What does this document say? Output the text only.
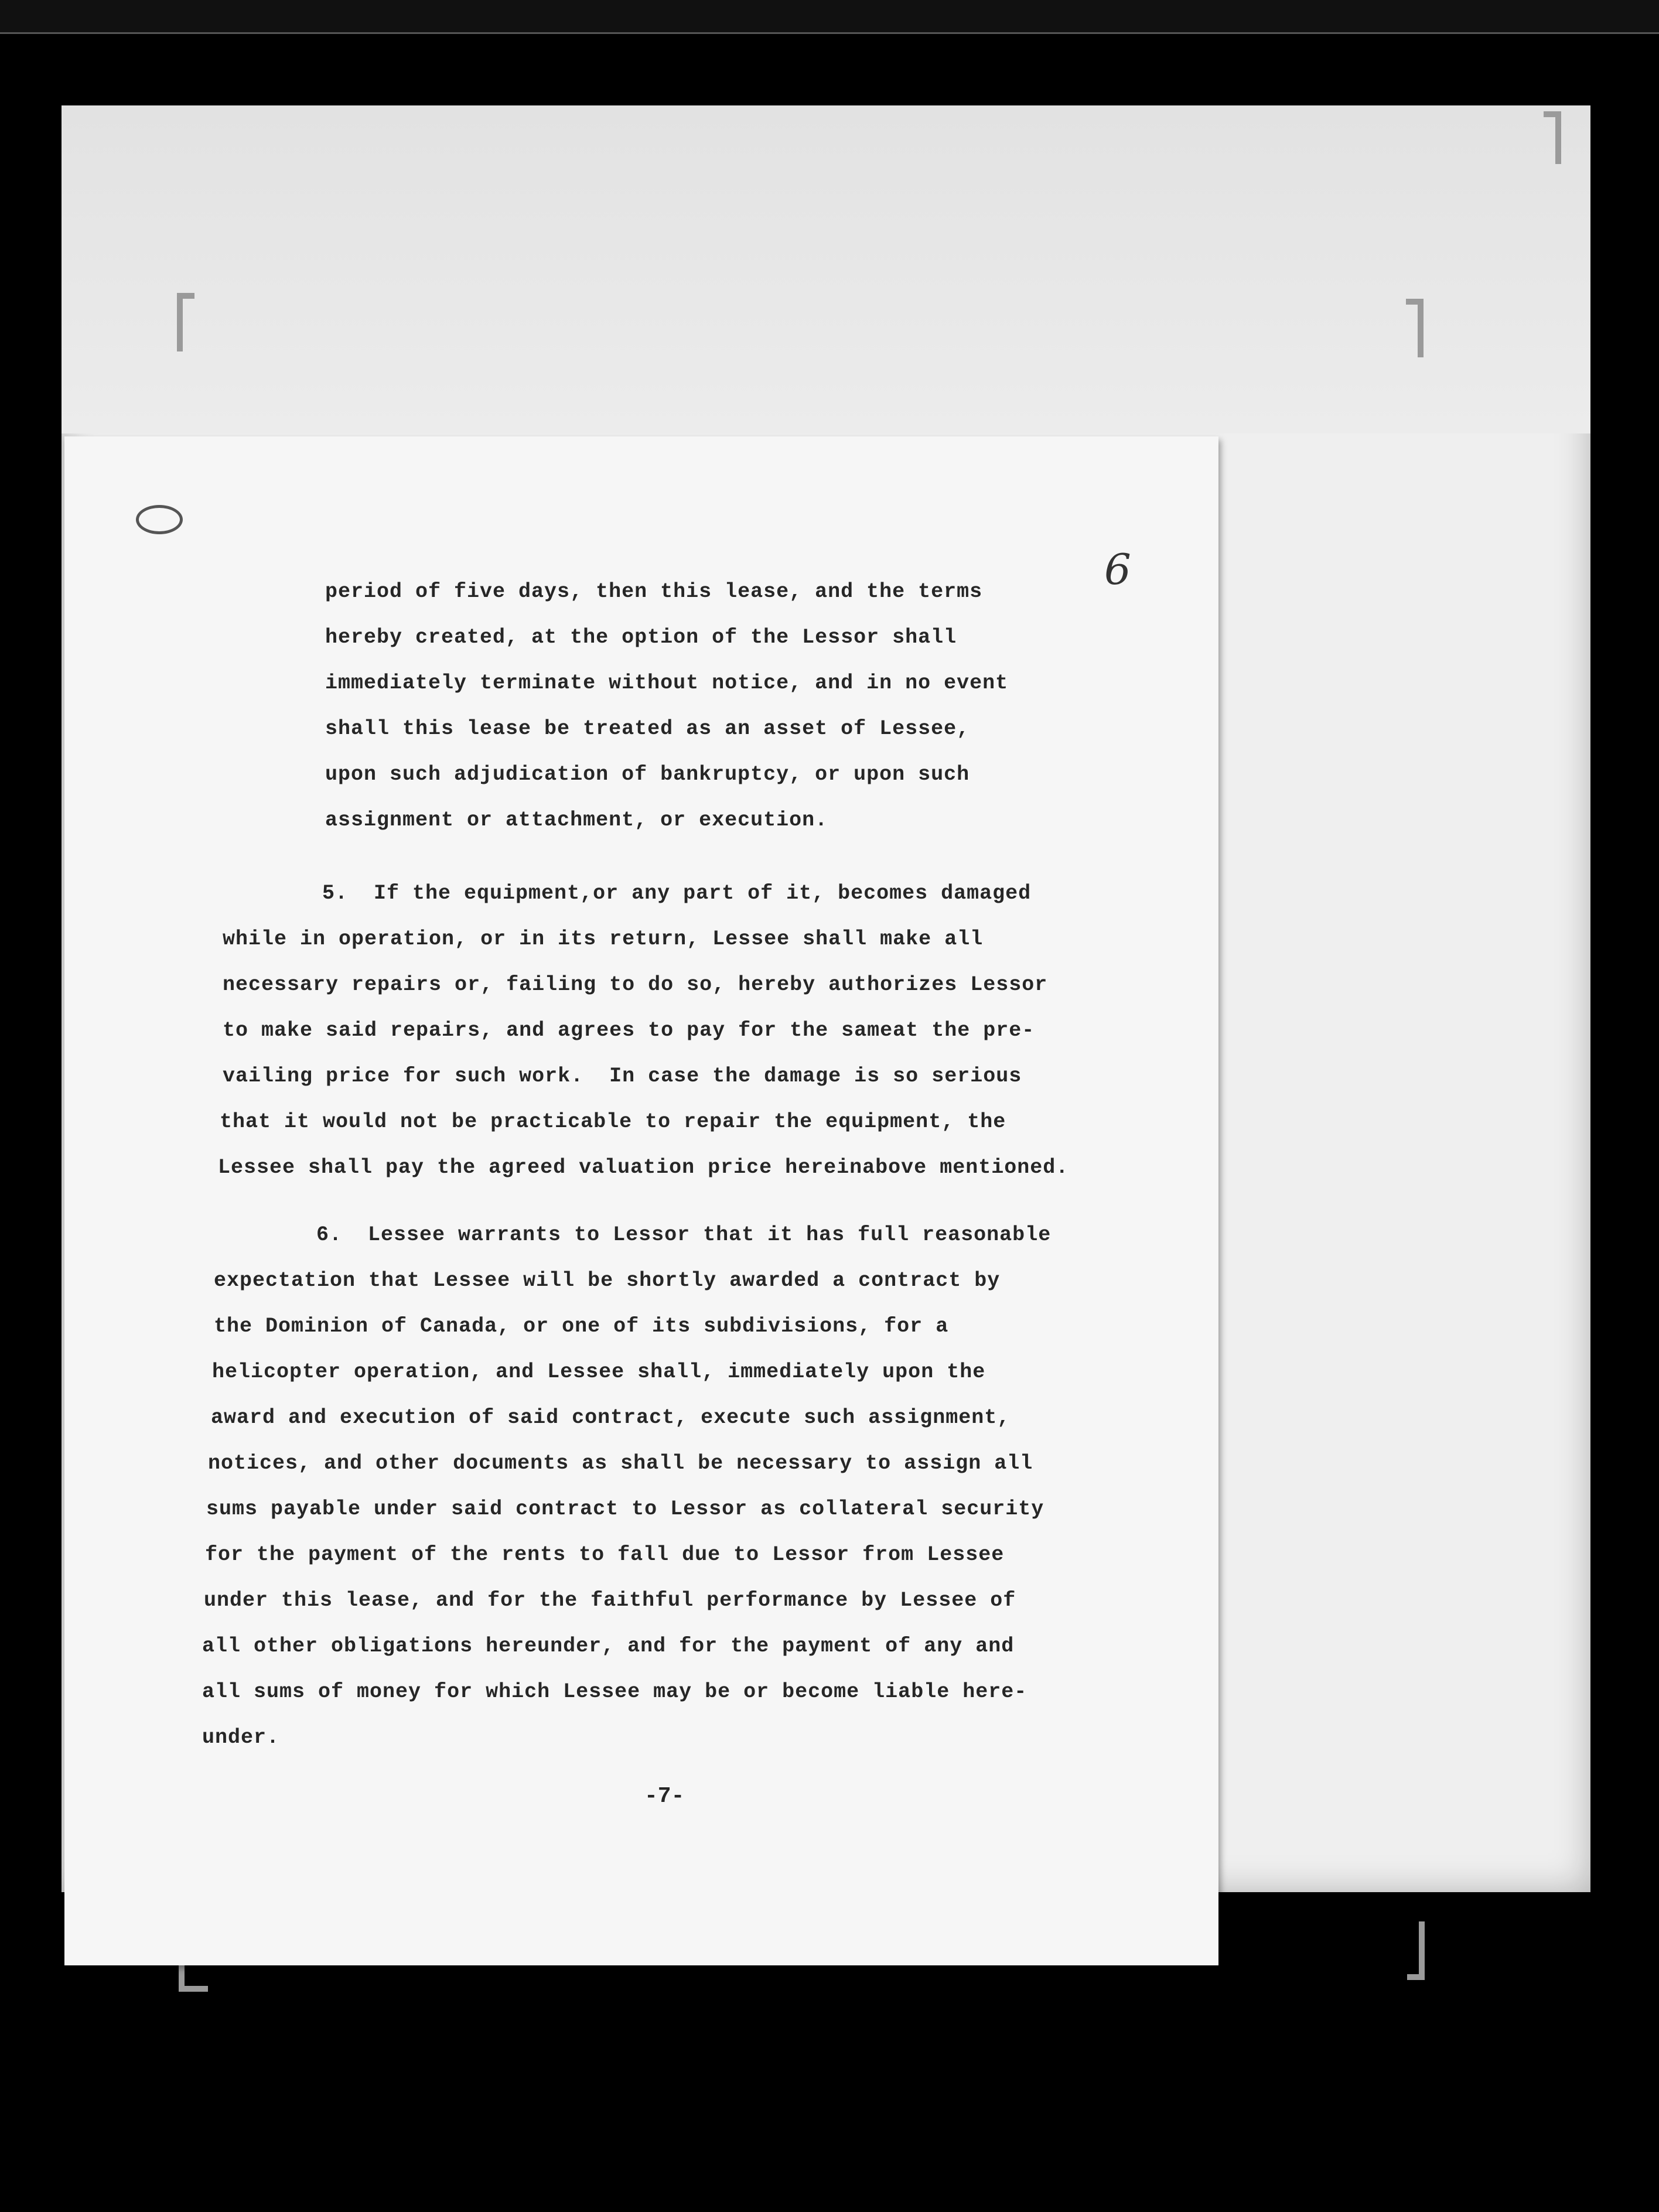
6
period of five days, then this lease, and the terms
hereby created, at the option of the Lessor shall
immediately terminate without notice, and in no event
shall this lease be treated as an asset of Lessee,
upon such adjudication of bankruptcy, or upon such
assignment or attachment, or execution.
5.  If the equipment,or any part of it, becomes damaged
while in operation, or in its return, Lessee shall make all
necessary repairs or, failing to do so, hereby authorizes Lessor
to make said repairs, and agrees to pay for the sameat the pre-
vailing price for such work.  In case the damage is so serious
that it would not be practicable to repair the equipment, the
Lessee shall pay the agreed valuation price hereinabove mentioned.
6.  Lessee warrants to Lessor that it has full reasonable
expectation that Lessee will be shortly awarded a contract by
the Dominion of Canada, or one of its subdivisions, for a
helicopter operation, and Lessee shall, immediately upon the
award and execution of said contract, execute such assignment,
notices, and other documents as shall be necessary to assign all
sums payable under said contract to Lessor as collateral security
for the payment of the rents to fall due to Lessor from Lessee
under this lease, and for the faithful performance by Lessee of
all other obligations hereunder, and for the payment of any and
all sums of money for which Lessee may be or become liable here-
under.
-7-
